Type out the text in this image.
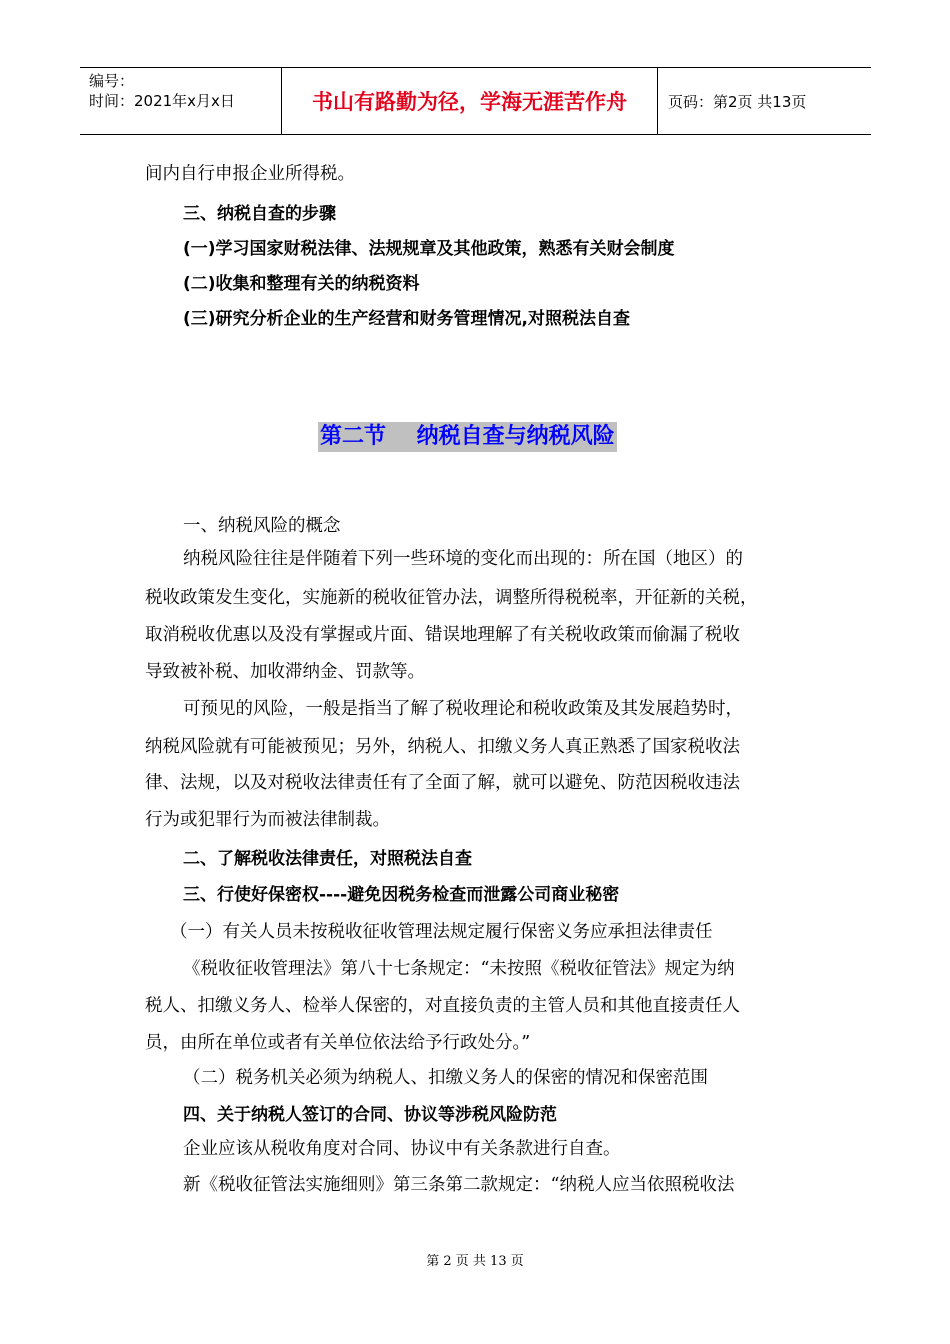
编号：
时间：2021年x月x日	书山有路勤为径，学海无涯苦作舟	页码：第2页 共13页
间内自行申报企业所得税。
三、纳税自查的步骤
(一)学习国家财税法律、法规规章及其他政策，熟悉有关财会制度
(二)收集和整理有关的纳税资料
(三)研究分析企业的生产经营和财务管理情况,对照税法自查
第二节    纳税自查与纳税风险
一、纳税风险的概念
纳税风险往往是伴随着下列一些环境的变化而出现的：所在国（地区）的
税收政策发生变化，实施新的税收征管办法，调整所得税税率，开征新的关税，
取消税收优惠以及没有掌握或片面、错误地理解了有关税收政策而偷漏了税收
导致被补税、加收滞纳金、罚款等。
可预见的风险，一般是指当了解了税收理论和税收政策及其发展趋势时，
纳税风险就有可能被预见；另外，纳税人、扣缴义务人真正熟悉了国家税收法
律、法规，以及对税收法律责任有了全面了解，就可以避免、防范因税收违法
行为或犯罪行为而被法律制裁。
二、了解税收法律责任，对照税法自查
三、行使好保密权----避免因税务检查而泄露公司商业秘密
（一）有关人员未按税收征收管理法规定履行保密义务应承担法律责任
《税收征收管理法》第八十七条规定：“未按照《税收征管法》规定为纳
税人、扣缴义务人、检举人保密的，对直接负责的主管人员和其他直接责任人
员，由所在单位或者有关单位依法给予行政处分。”
（二）税务机关必须为纳税人、扣缴义务人的保密的情况和保密范围
四、关于纳税人签订的合同、协议等涉税风险防范
企业应该从税收角度对合同、协议中有关条款进行自查。
新《税收征管法实施细则》第三条第二款规定：“纳税人应当依照税收法
第 2 页 共 13 页
